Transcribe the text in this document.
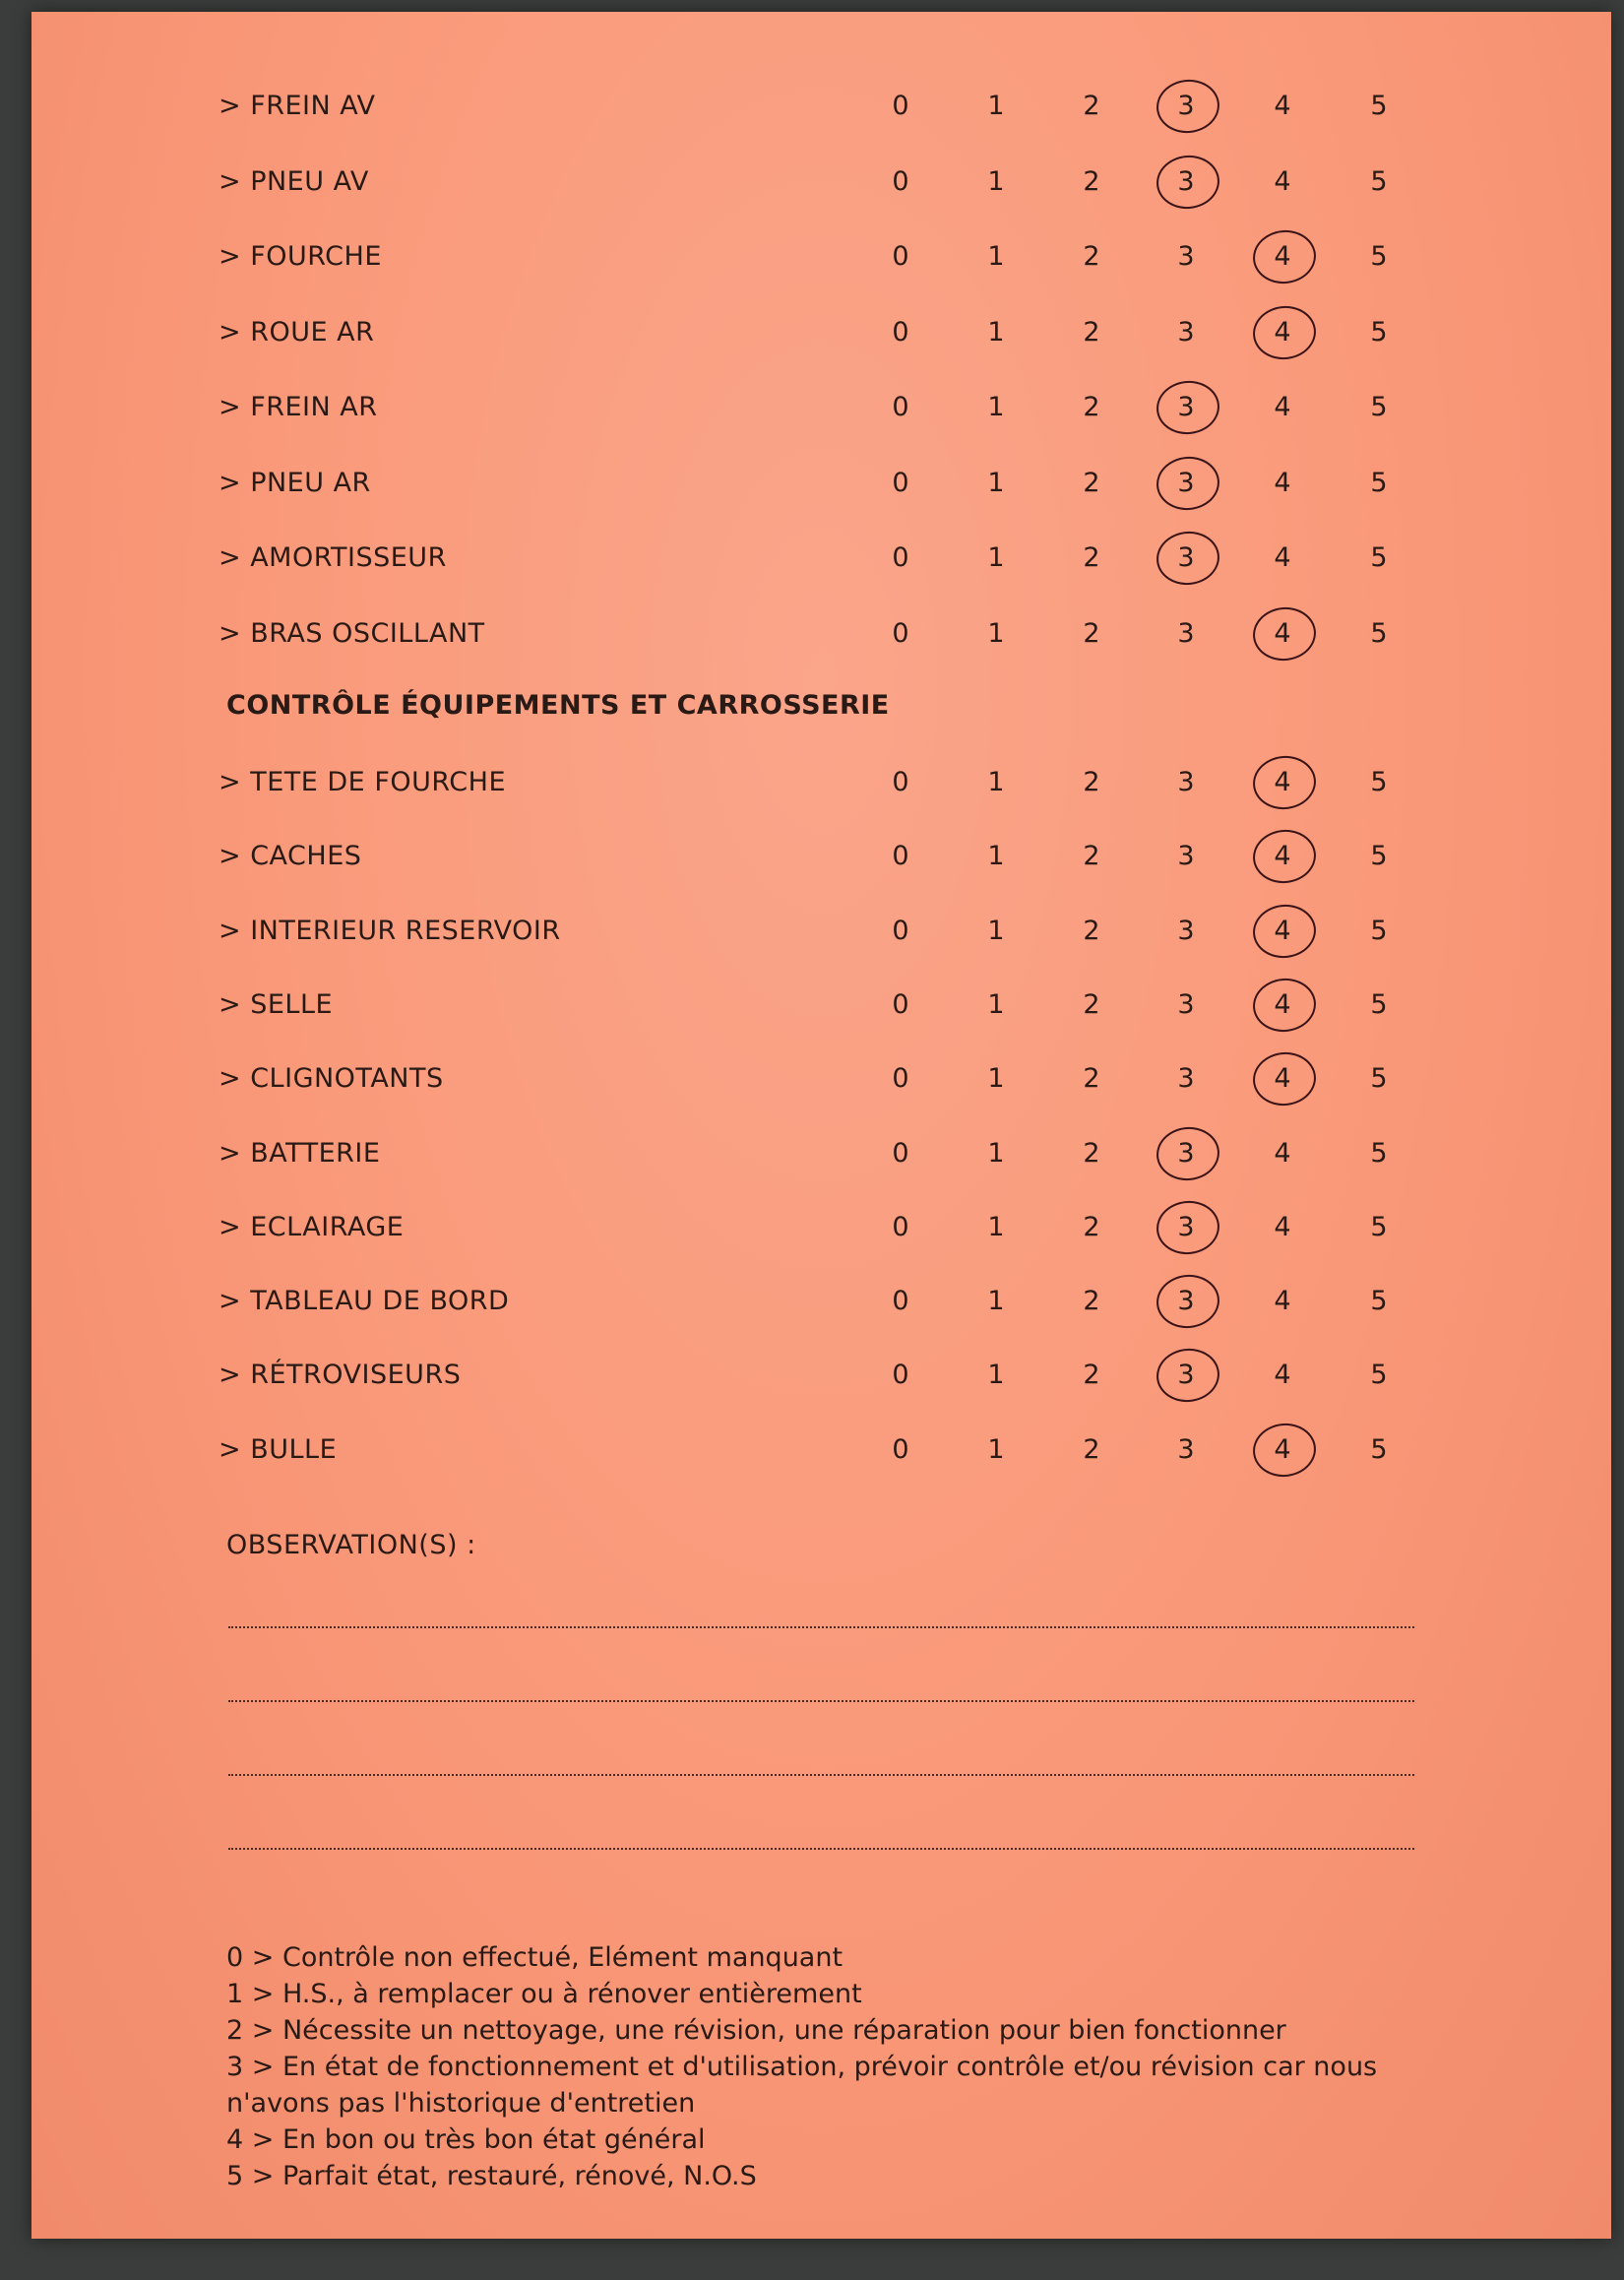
> FREIN AV	0	1	2	3	4	5
> PNEU AV	0	1	2	3	4	5
> FOURCHE	0	1	2	3	4	5
> ROUE AR	0	1	2	3	4	5
> FREIN AR	0	1	2	3	4	5
> PNEU AR	0	1	2	3	4	5
> AMORTISSEUR	0	1	2	3	4	5
> BRAS OSCILLANT	0	1	2	3	4	5
> TETE DE FOURCHE	0	1	2	3	4	5
> CACHES	0	1	2	3	4	5
> INTERIEUR RESERVOIR	0	1	2	3	4	5
> SELLE	0	1	2	3	4	5
> CLIGNOTANTS	0	1	2	3	4	5
> BATTERIE	0	1	2	3	4	5
> ECLAIRAGE	0	1	2	3	4	5
> TABLEAU DE BORD	0	1	2	3	4	5
> RÉTROVISEURS	0	1	2	3	4	5
> BULLE	0	1	2	3	4	5
CONTRÔLE ÉQUIPEMENTS ET CARROSSERIE
OBSERVATION(S) :
0 > Contrôle non effectué, Elément manquant
1 > H.S., à remplacer ou à rénover entièrement
2 > Nécessite un nettoyage, une révision, une réparation pour bien fonctionner
3 > En état de fonctionnement et d'utilisation, prévoir contrôle et/ou révision car nous n'avons pas l'historique d'entretien
4 > En bon ou très bon état général
5 > Parfait état, restauré, rénové, N.O.S
